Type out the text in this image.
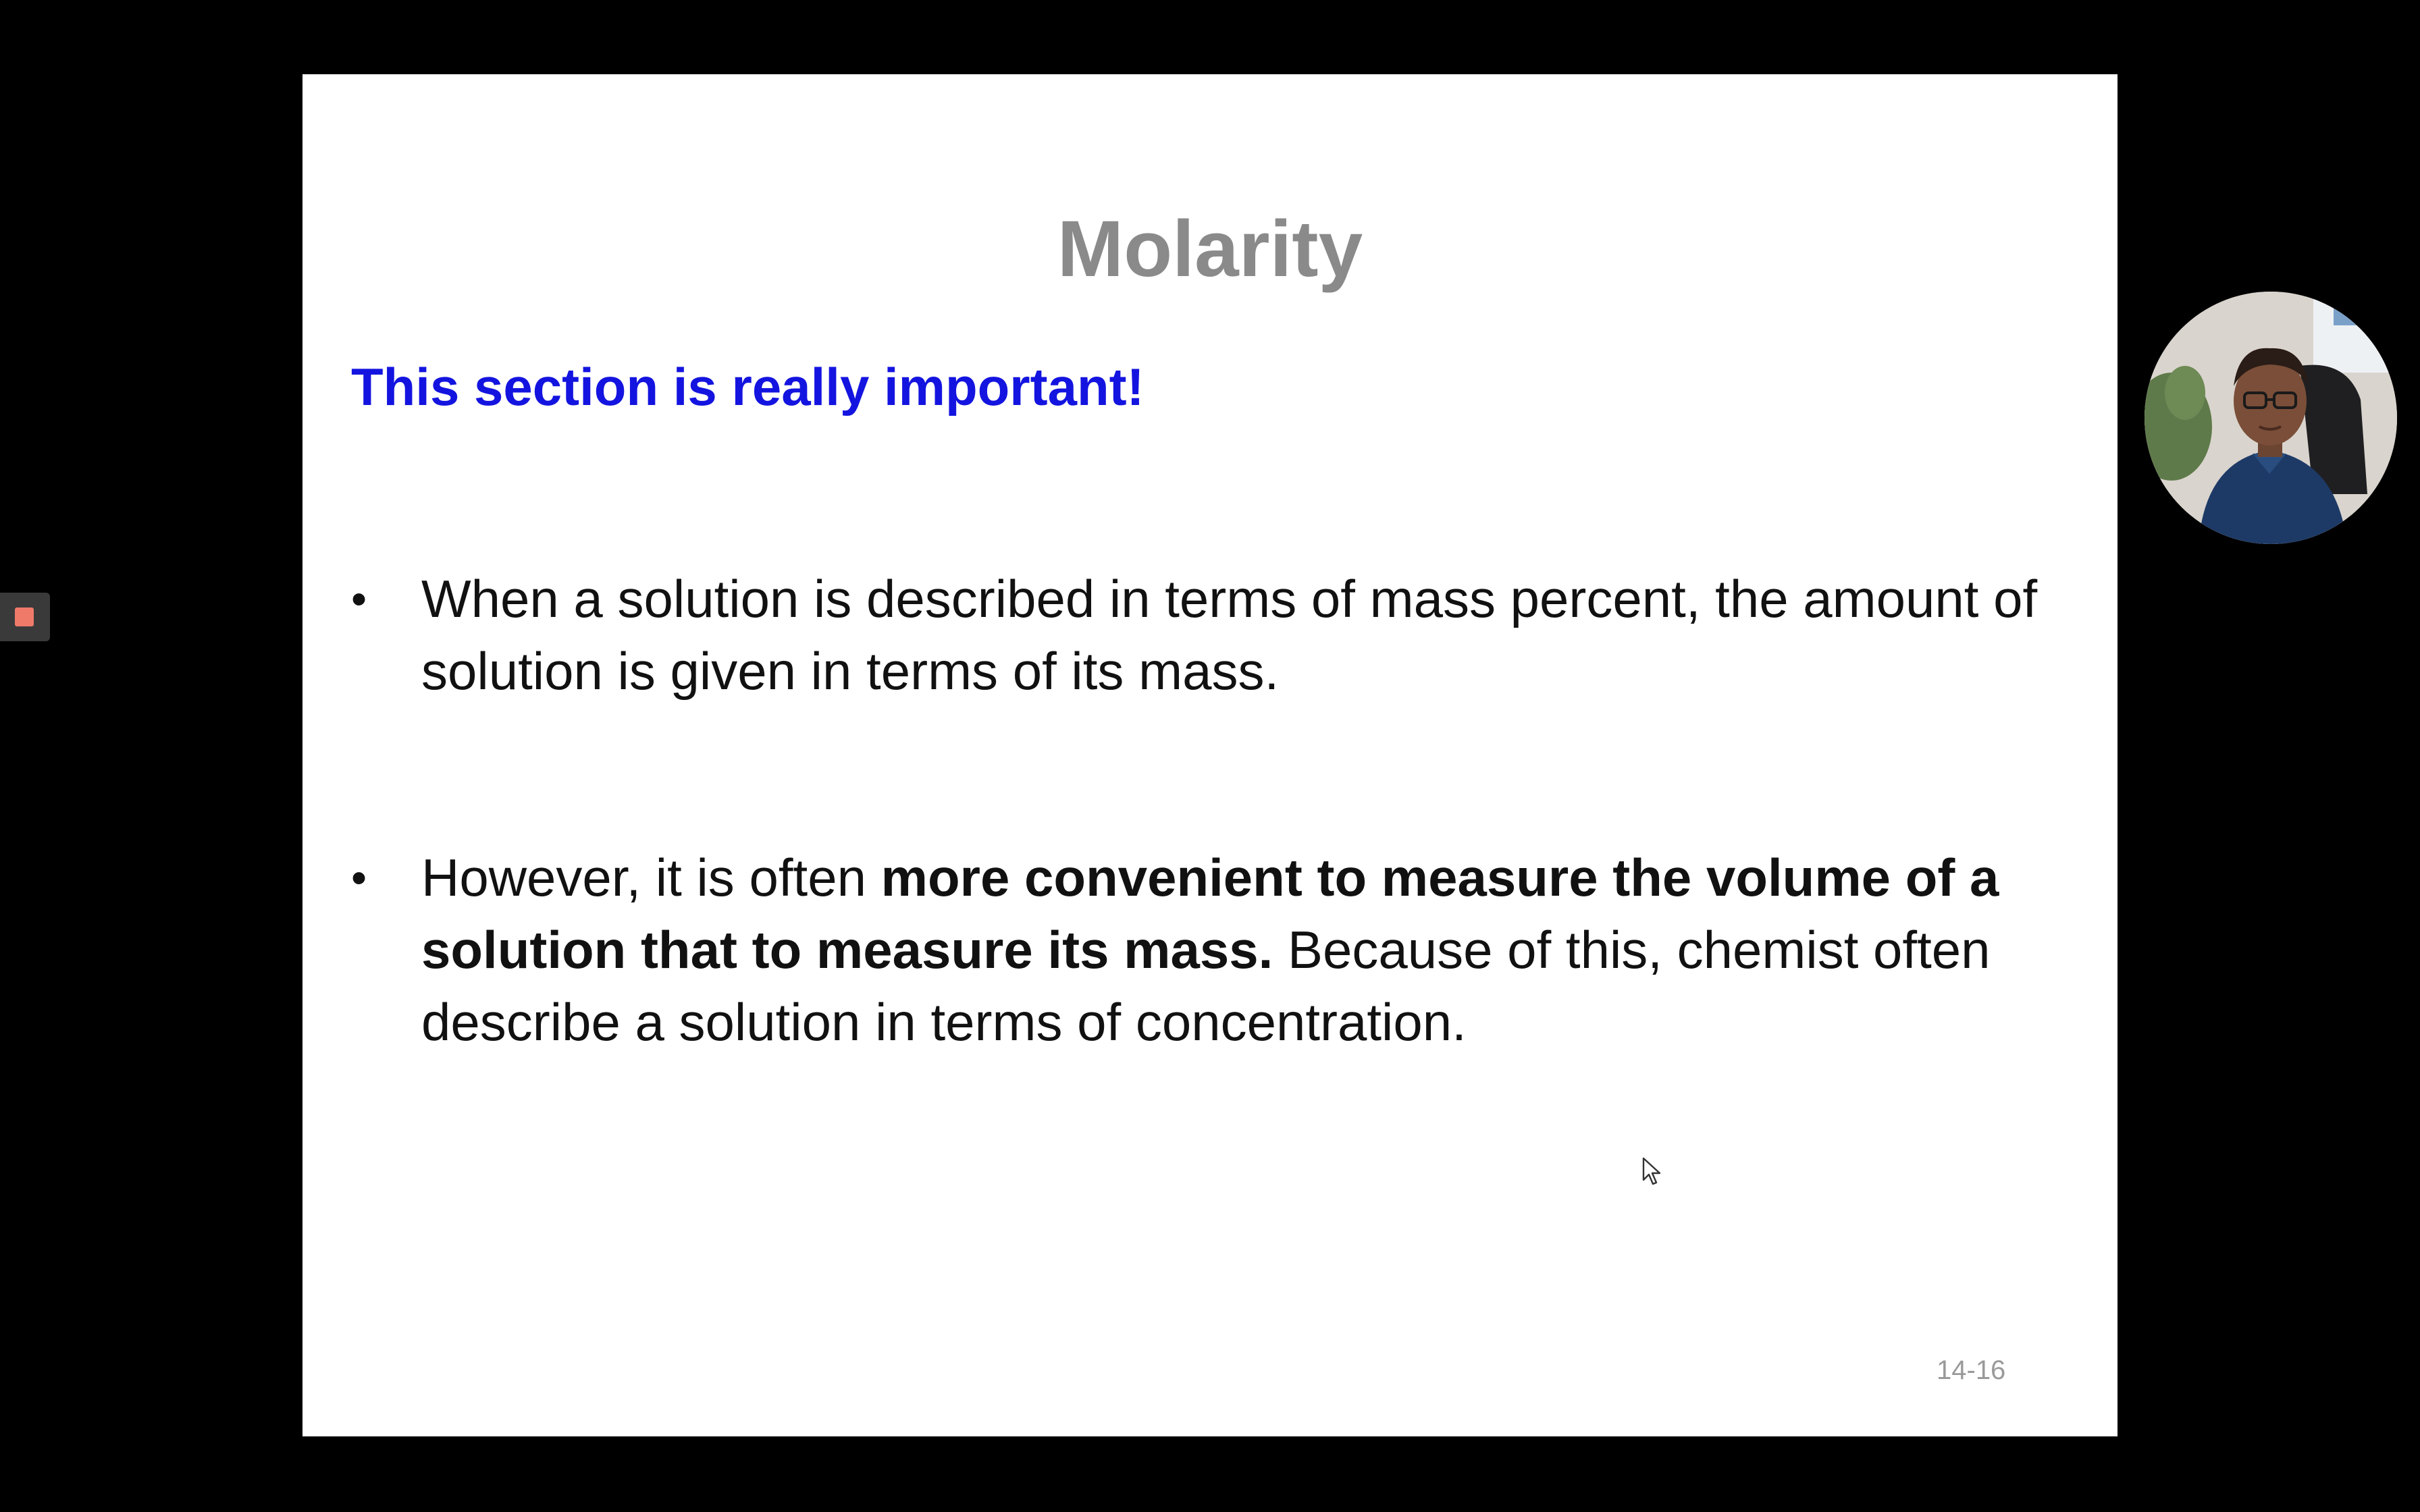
Molarity
This section is really important!
• When a solution is described in terms of mass percent, the amount of solution is given in terms of its mass.
• However, it is often more convenient to measure the volume of a solution that to measure its mass. Because of this, chemist often describe a solution in terms of concentration.
14-16
